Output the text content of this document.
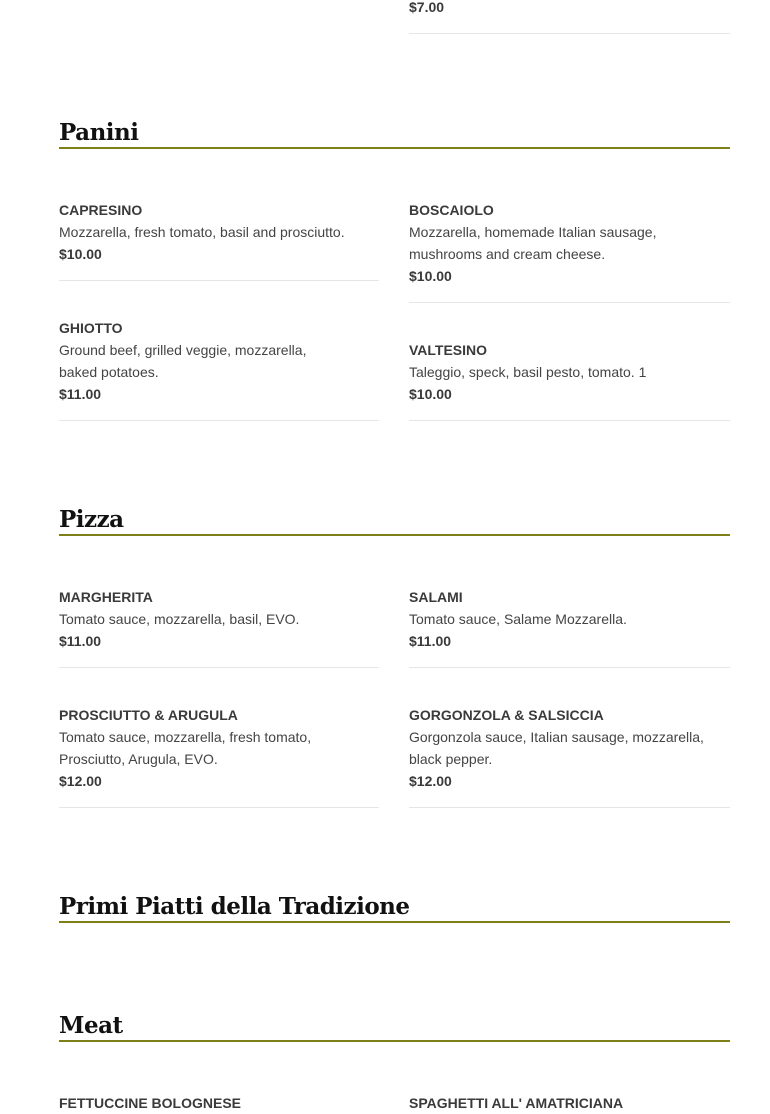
$7.00
Panini
CAPRESINO
Mozzarella, fresh tomato, basil and prosciutto.
$10.00
BOSCAIOLO
Mozzarella, homemade Italian sausage, mushrooms and cream cheese.
$10.00
GHIOTTO
Ground beef, grilled veggie, mozzarella, baked potatoes.
$11.00
VALTESINO
Taleggio, speck, basil pesto, tomato. 1
$10.00
Pizza
MARGHERITA
Tomato sauce, mozzarella, basil, EVO.
$11.00
SALAMI
Tomato sauce, Salame Mozzarella.
$11.00
PROSCIUTTO & ARUGULA
Tomato sauce, mozzarella, fresh tomato, Prosciutto, Arugula, EVO.
$12.00
GORGONZOLA & SALSICCIA
Gorgonzola sauce, Italian sausage, mozzarella, black pepper.
$12.00
Primi Piatti della Tradizione
Meat
FETTUCCINE BOLOGNESE	SPAGHETTI ALL' AMATRICIANA
